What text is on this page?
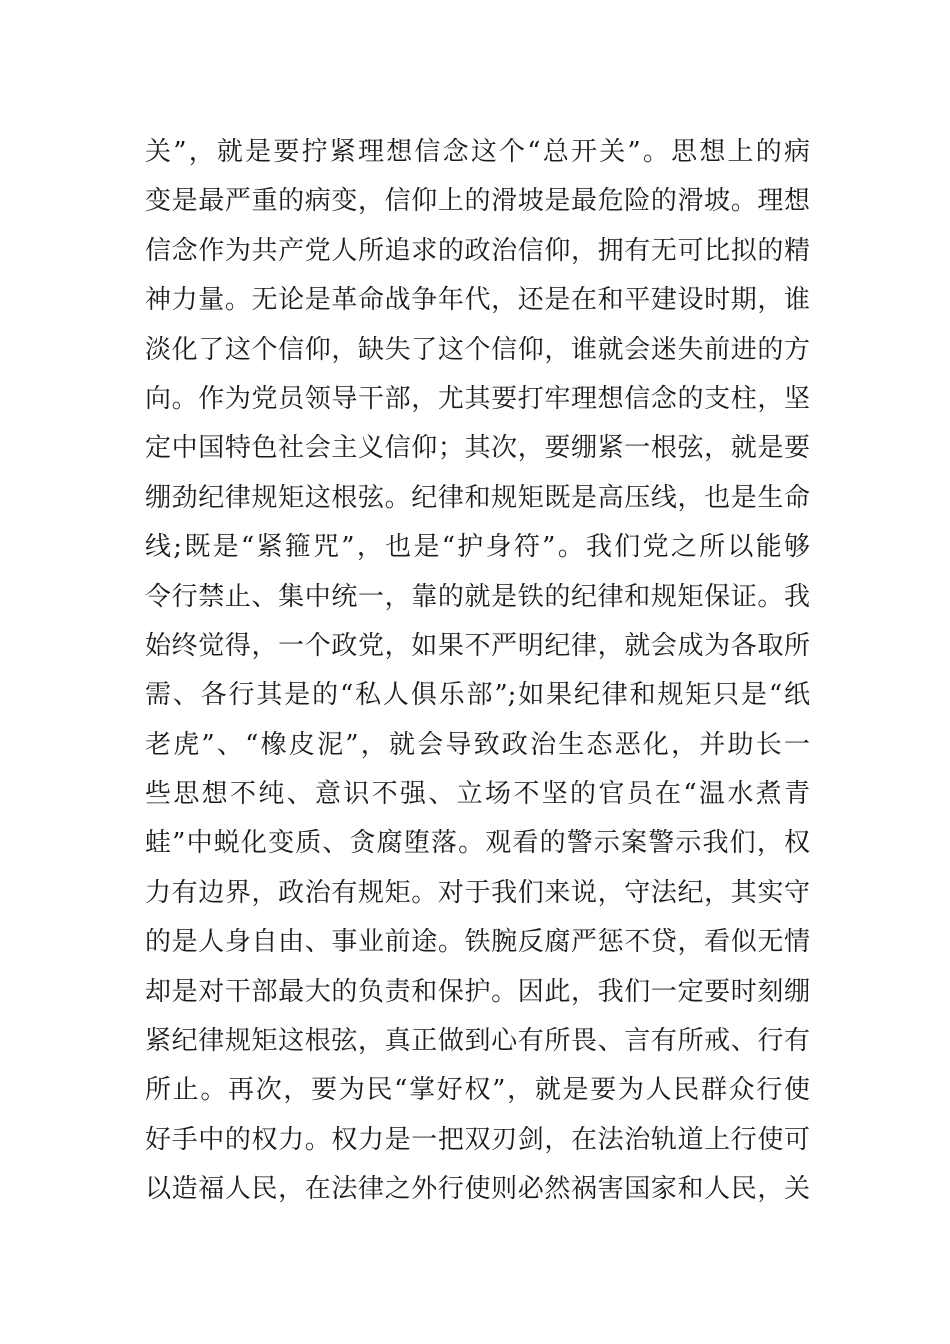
关”，就是要拧紧理想信念这个“总开关”。思想上的病
变是最严重的病变，信仰上的滑坡是最危险的滑坡。理想
信念作为共产党人所追求的政治信仰，拥有无可比拟的精
神力量。无论是革命战争年代，还是在和平建设时期，谁
淡化了这个信仰，缺失了这个信仰，谁就会迷失前进的方
向。作为党员领导干部，尤其要打牢理想信念的支柱，坚
定中国特色社会主义信仰；其次，要绷紧一根弦，就是要
绷劲纪律规矩这根弦。纪律和规矩既是高压线，也是生命
线;既是“紧箍咒”，也是“护身符”。我们党之所以能够
令行禁止、集中统一，靠的就是铁的纪律和规矩保证。我
始终觉得，一个政党，如果不严明纪律，就会成为各取所
需、各行其是的“私人俱乐部”;如果纪律和规矩只是“纸
老虎”、“橡皮泥”，就会导致政治生态恶化，并助长一
些思想不纯、意识不强、立场不坚的官员在“温水煮青
蛙”中蜕化变质、贪腐堕落。观看的警示案警示我们，权
力有边界，政治有规矩。对于我们来说，守法纪，其实守
的是人身自由、事业前途。铁腕反腐严惩不贷，看似无情
却是对干部最大的负责和保护。因此，我们一定要时刻绷
紧纪律规矩这根弦，真正做到心有所畏、言有所戒、行有
所止。再次，要为民“掌好权”，就是要为人民群众行使
好手中的权力。权力是一把双刃剑，在法治轨道上行使可
以造福人民，在法律之外行使则必然祸害国家和人民，关
